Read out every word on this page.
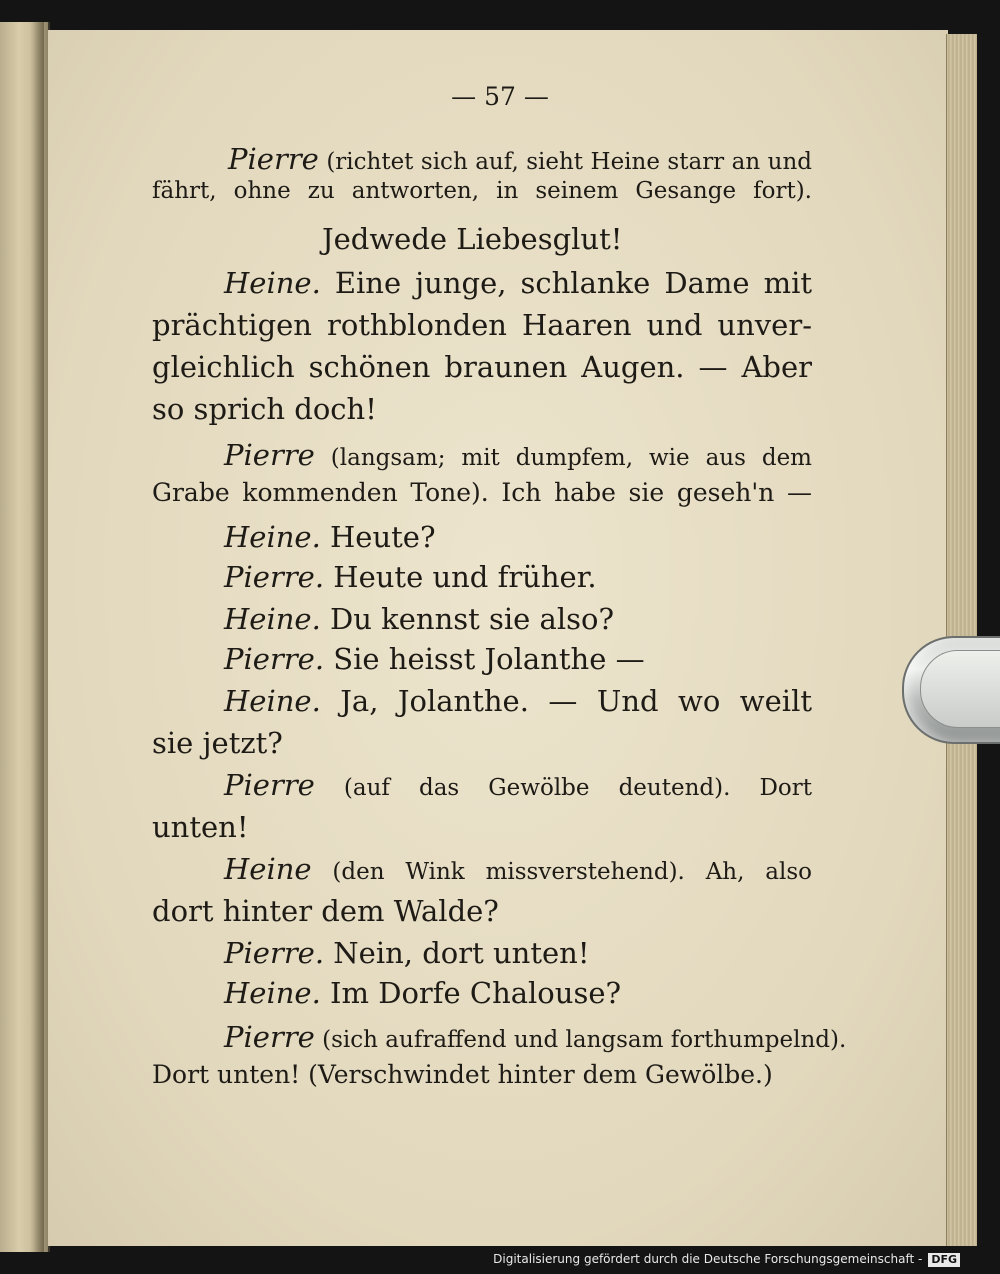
— 57 —
Pierre (richtet sich auf, sieht Heine starr an und
fährt, ohne zu antworten, in seinem Gesange fort).
Jedwede Liebesglut!
Heine. Eine junge, schlanke Dame mit
prächtigen rothblonden Haaren und unver-
gleichlich schönen braunen Augen. — Aber
so sprich doch!
Pierre (langsam; mit dumpfem, wie aus dem
Grabe kommenden Tone). Ich habe sie geseh'n —
Heine. Heute?
Pierre. Heute und früher.
Heine. Du kennst sie also?
Pierre. Sie heisst Jolanthe —
Heine. Ja, Jolanthe. — Und wo weilt
sie jetzt?
Pierre (auf das Gewölbe deutend). Dort
unten!
Heine (den Wink missverstehend). Ah, also
dort hinter dem Walde?
Pierre. Nein, dort unten!
Heine. Im Dorfe Chalouse?
Pierre (sich aufraffend und langsam forthumpelnd).
Dort unten! (Verschwindet hinter dem Gewölbe.)
Digitalisierung gefördert durch die Deutsche Forschungsgemeinschaft - DFG
